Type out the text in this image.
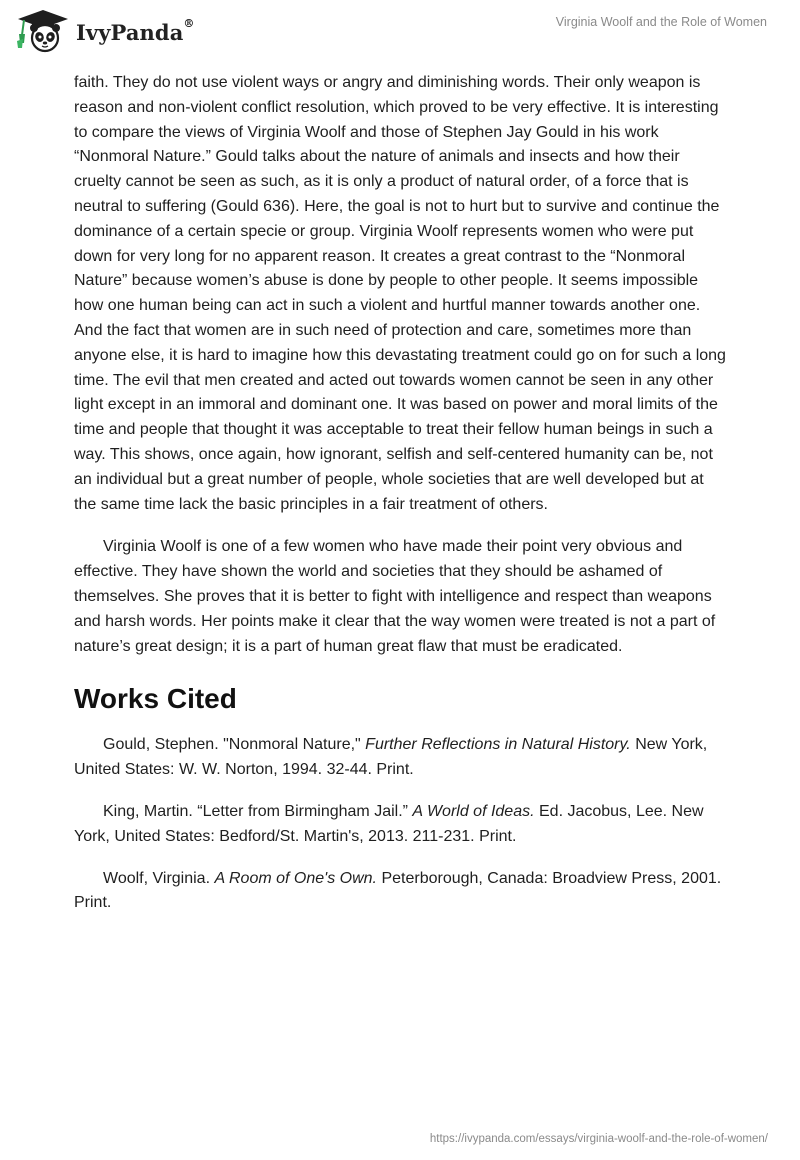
IvyPanda®	Virginia Woolf and the Role of Women

faith. They do not use violent ways or angry and diminishing words. Their only weapon is reason and non-violent conflict resolution, which proved to be very effective. It is interesting to compare the views of Virginia Woolf and those of Stephen Jay Gould in his work “Nonmoral Nature.” Gould talks about the nature of animals and insects and how their cruelty cannot be seen as such, as it is only a product of natural order, of a force that is neutral to suffering (Gould 636). Here, the goal is not to hurt but to survive and continue the dominance of a certain specie or group. Virginia Woolf represents women who were put down for very long for no apparent reason. It creates a great contrast to the “Nonmoral Nature” because women’s abuse is done by people to other people. It seems impossible how one human being can act in such a violent and hurtful manner towards another one. And the fact that women are in such need of protection and care, sometimes more than anyone else, it is hard to imagine how this devastating treatment could go on for such a long time. The evil that men created and acted out towards women cannot be seen in any other light except in an immoral and dominant one. It was based on power and moral limits of the time and people that thought it was acceptable to treat their fellow human beings in such a way. This shows, once again, how ignorant, selfish and self-centered humanity can be, not an individual but a great number of people, whole societies that are well developed but at the same time lack the basic principles in a fair treatment of others.

Virginia Woolf is one of a few women who have made their point very obvious and effective. They have shown the world and societies that they should be ashamed of themselves. She proves that it is better to fight with intelligence and respect than weapons and harsh words. Her points make it clear that the way women were treated is not a part of nature’s great design; it is a part of human great flaw that must be eradicated.

Works Cited

Gould, Stephen. "Nonmoral Nature," Further Reflections in Natural History. New York, United States: W. W. Norton, 1994. 32-44. Print.

King, Martin. “Letter from Birmingham Jail.” A World of Ideas. Ed. Jacobus, Lee. New York, United States: Bedford/St. Martin's, 2013. 211-231. Print.

Woolf, Virginia. A Room of One's Own. Peterborough, Canada: Broadview Press, 2001. Print.

https://ivypanda.com/essays/virginia-woolf-and-the-role-of-women/
